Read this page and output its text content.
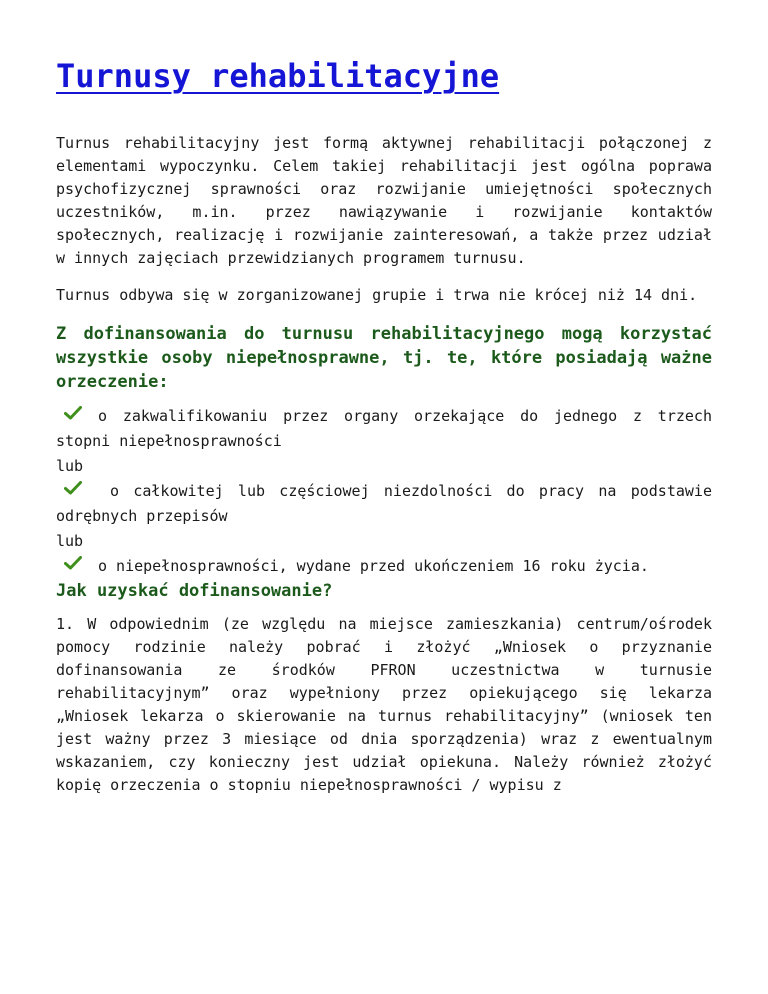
Turnusy rehabilitacyjne

Turnus rehabilitacyjny jest formą aktywnej rehabilitacji połączonej z elementami wypoczynku. Celem takiej rehabilitacji jest ogólna poprawa psychofizycznej sprawności oraz rozwijanie umiejętności społecznych uczestników, m.in. przez nawiązywanie i rozwijanie kontaktów społecznych, realizację i rozwijanie zainteresowań, a także przez udział w innych zajęciach przewidzianych programem turnusu.

Turnus odbywa się w zorganizowanej grupie i trwa nie krócej niż 14 dni.

Z dofinansowania do turnusu rehabilitacyjnego mogą korzystać wszystkie osoby niepełnosprawne, tj. te, które posiadają ważne orzeczenie:
o zakwalifikowaniu przez organy orzekające do jednego z trzech stopni niepełnosprawności
lub
o całkowitej lub częściowej niezdolności do pracy na podstawie odrębnych przepisów
lub
o niepełnosprawności, wydane przed ukończeniem 16 roku życia.
Jak uzyskać dofinansowanie?

1. W odpowiednim (ze względu na miejsce zamieszkania) centrum/ośrodek pomocy rodzinie należy pobrać i złożyć „Wniosek o przyznanie dofinansowania ze środków PFRON uczestnictwa w turnusie rehabilitacyjnym” oraz wypełniony przez opiekującego się lekarza „Wniosek lekarza o skierowanie na turnus rehabilitacyjny” (wniosek ten jest ważny przez 3 miesiące od dnia sporządzenia) wraz z ewentualnym wskazaniem, czy konieczny jest udział opiekuna. Należy również złożyć kopię orzeczenia o stopniu niepełnosprawności / wypisu z
